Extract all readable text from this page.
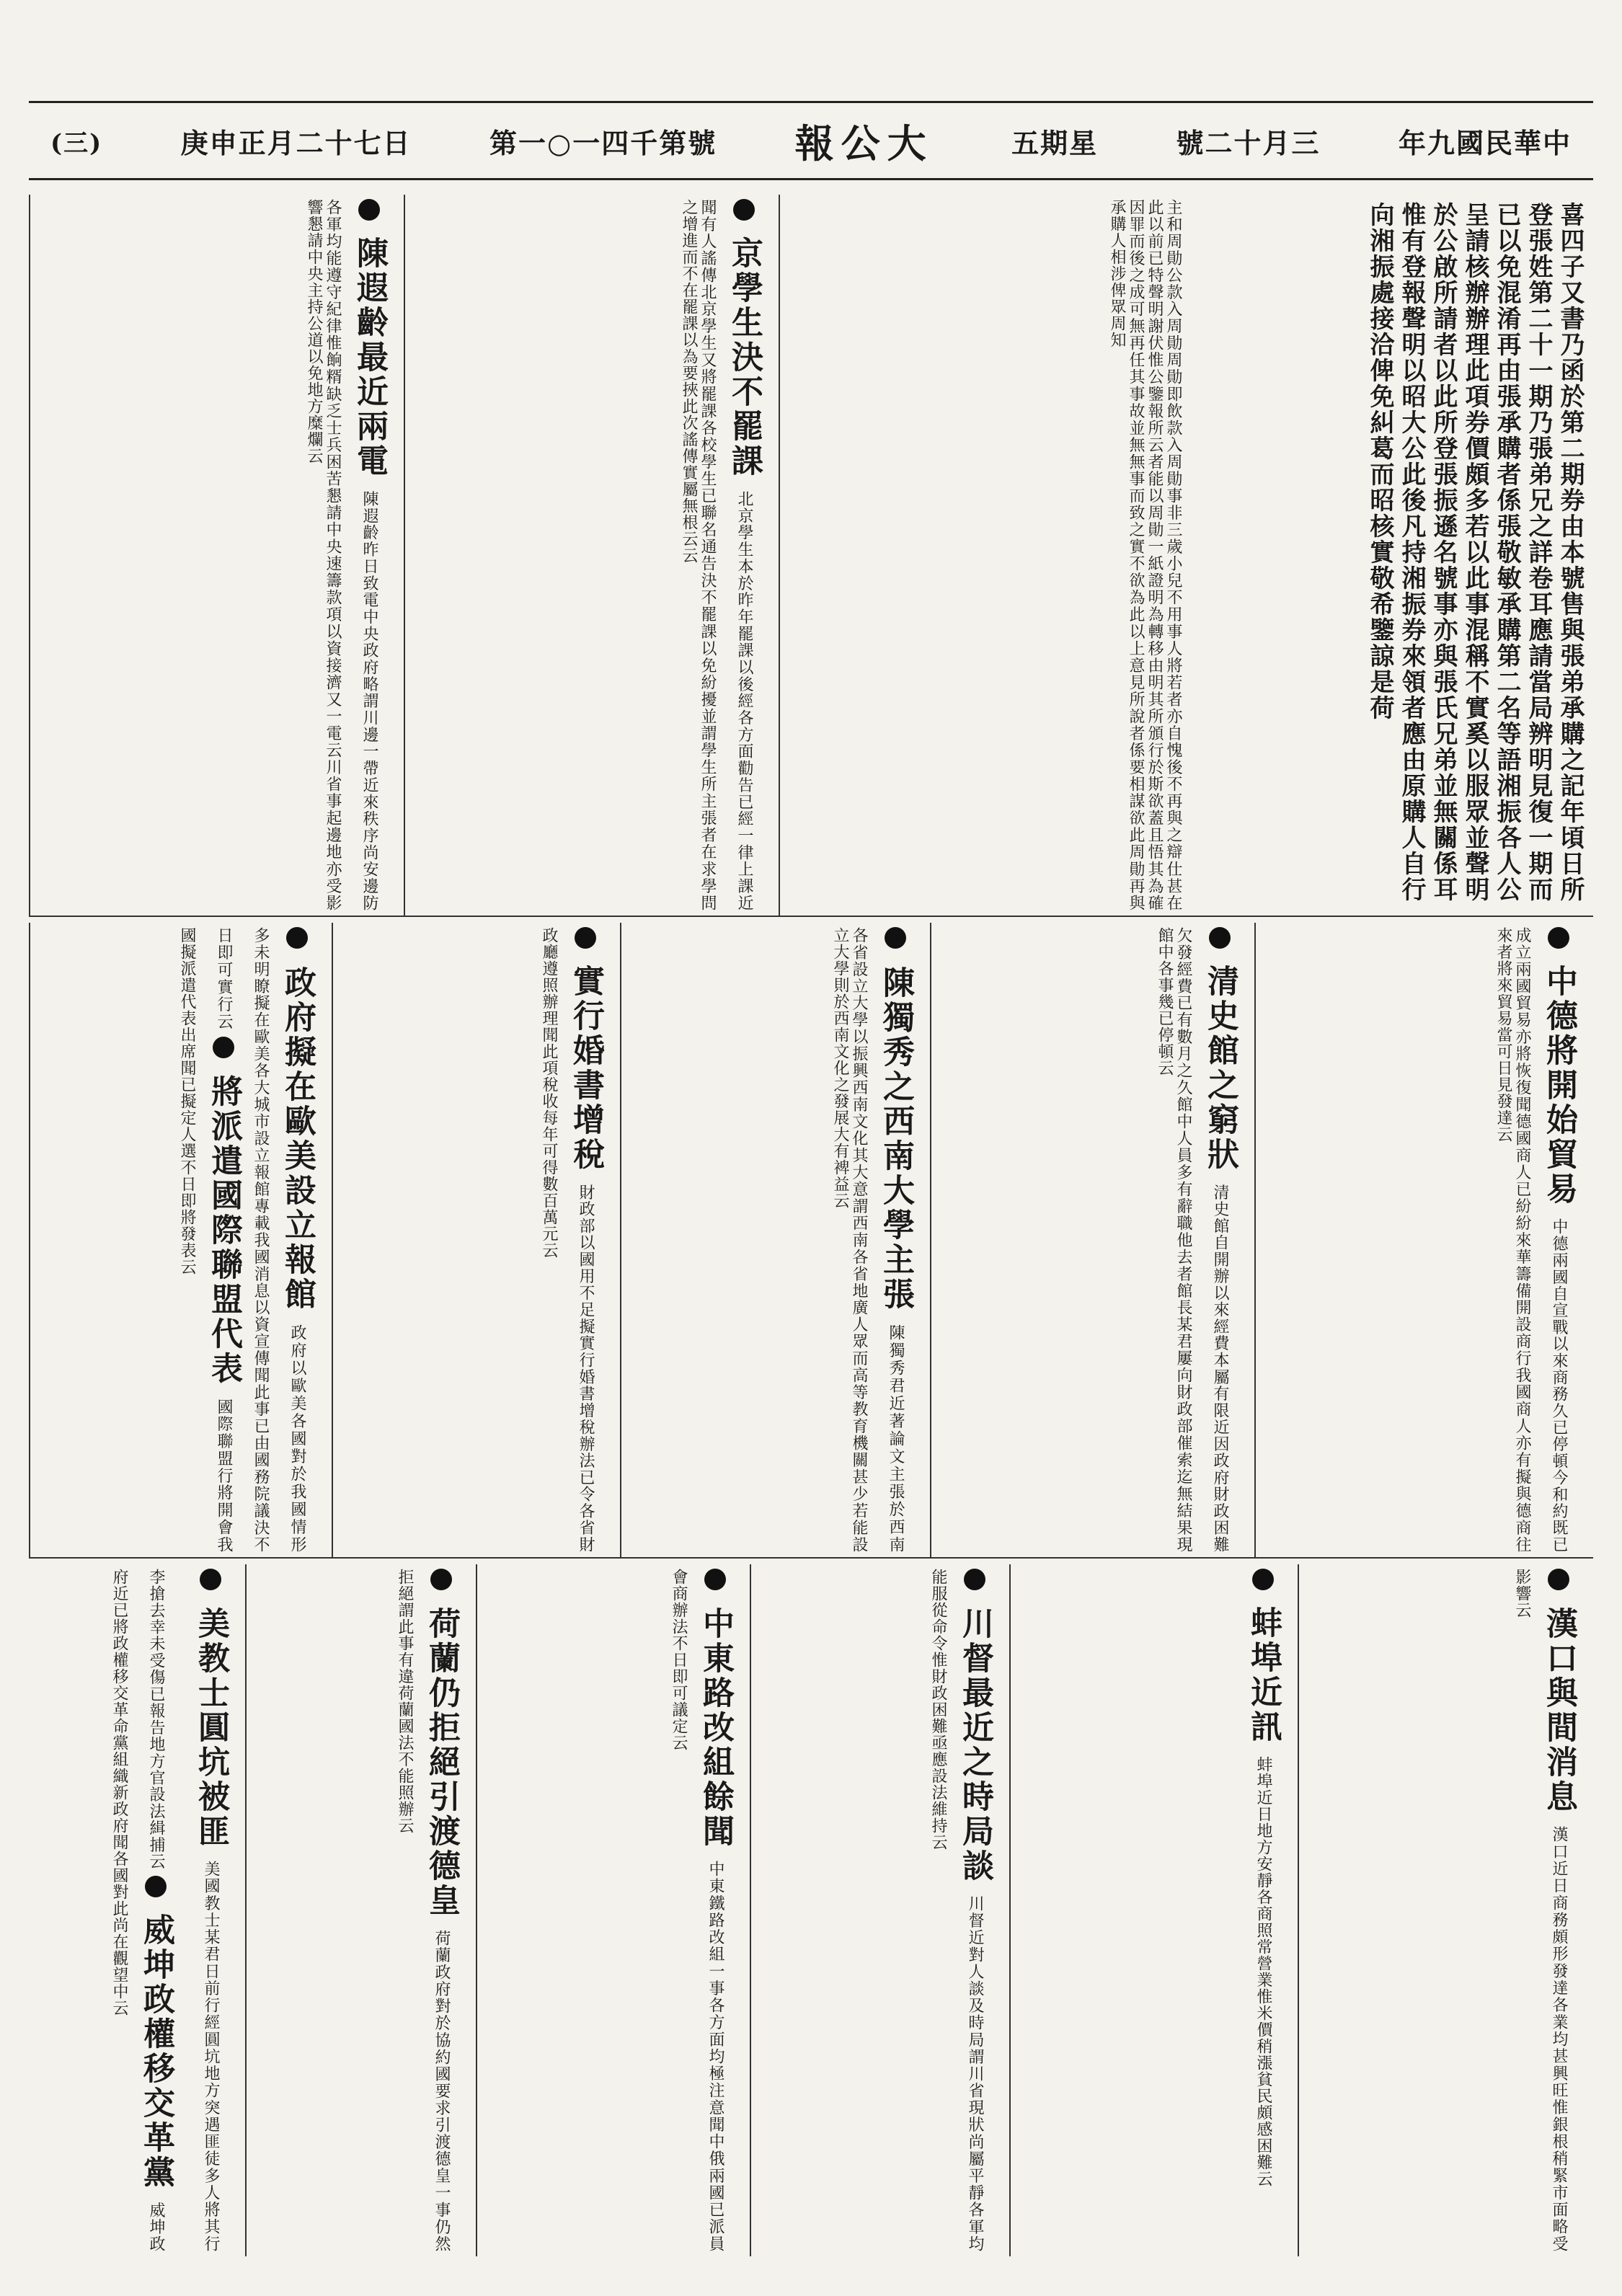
(三)	庚申正月二十七日	第一○一四千第號 報公大	五期星	號二十月三	年九國民華中
喜四子又書乃函於第二期券由本號售與張弟承購之記年頃日所登張姓第二十一期乃張弟兄之詳卷耳應請當局辨明見復一期而已以免混淆再由張承購者係張敬敏承購第二名等語湘振各人公呈請核辦辦理此項券價頗多若以此事混稱不實奚以服眾並聲明於公啟所請者以此所登張振遜名號事亦與張氏兄弟並無關係耳惟有登報聲明以昭大公此後凡持湘振券來領者應由原購人自行向湘振處接洽俾免糾葛而昭核實敬希鑒諒是荷
主和周勛公款入周勛周勛即飲款入周勛事非三歲小兒不用事人將若者亦自愧後不再與之辯仕甚在此以前已特聲明謝伏惟公鑒報所云者能以周勛一紙證明為轉移由明其所頒行於斯欲蓋且悟其為確因罪而後之成可無再任其事故並無無事而致之實不欲為此以上意見所說者係要相謀欲此周勛再與承購人相涉俾眾周知
京學生決不罷課 北京學生本於昨年罷課以後經各方面勸告已經一律上課近聞有人謠傳北京學生又將罷課各校學生已聯名通告決不罷課以免紛擾並謂學生所主張者在求學問之增進而不在罷課以為要挾此次謠傳實屬無根云云
陳遐齡最近兩電 陳遐齡昨日致電中央政府略謂川邊一帶近來秩序尚安邊防各軍均能遵守紀律惟餉糈缺乏士兵困苦懇請中央速籌款項以資接濟又一電云川省事起邊地亦受影響懇請中央主持公道以免地方糜爛云
中德將開始貿易 中德兩國自宣戰以來商務久已停頓今和約既已成立兩國貿易亦將恢復聞德國商人已紛紛來華籌備開設商行我國商人亦有擬與德商往來者將來貿易當可日見發達云
清史館之窮狀 清史館自開辦以來經費本屬有限近因政府財政困難欠發經費已有數月之久館中人員多有辭職他去者館長某君屢向財政部催索迄無結果現館中各事幾已停頓云
陳獨秀之西南大學主張 陳獨秀君近著論文主張於西南各省設立大學以振興西南文化其大意謂西南各省地廣人眾而高等教育機關甚少若能設立大學則於西南文化之發展大有裨益云
實行婚書增稅 財政部以國用不足擬實行婚書增稅辦法已令各省財政廳遵照辦理聞此項稅收每年可得數百萬元云
政府擬在歐美設立報館 政府以歐美各國對於我國情形多未明瞭擬在歐美各大城市設立報館專載我國消息以資宣傳聞此事已由國務院議決不日即可實行云  將派遣國際聯盟代表 國際聯盟行將開會我國擬派遣代表出席聞已擬定人選不日即將發表云
漢口與間消息 漢口近日商務頗形發達各業均甚興旺惟銀根稍緊市面略受影響云
蚌埠近訊 蚌埠近日地方安靜各商照常營業惟米價稍漲貧民頗感困難云
川督最近之時局談 川督近對人談及時局謂川省現狀尚屬平靜各軍均能服從命令惟財政困難亟應設法維持云
中東路改組餘聞 中東鐵路改組一事各方面均極注意聞中俄兩國已派員會商辦法不日即可議定云
荷蘭仍拒絕引渡德皇 荷蘭政府對於協約國要求引渡德皇一事仍然拒絕謂此事有違荷蘭國法不能照辦云
美教士圓坑被匪 美國教士某君日前行經圓坑地方突遇匪徒多人將其行李搶去幸未受傷已報告地方官設法緝捕云  威坤政權移交革黨 威坤政府近已將政權移交革命黨組織新政府聞各國對此尚在觀望中云
